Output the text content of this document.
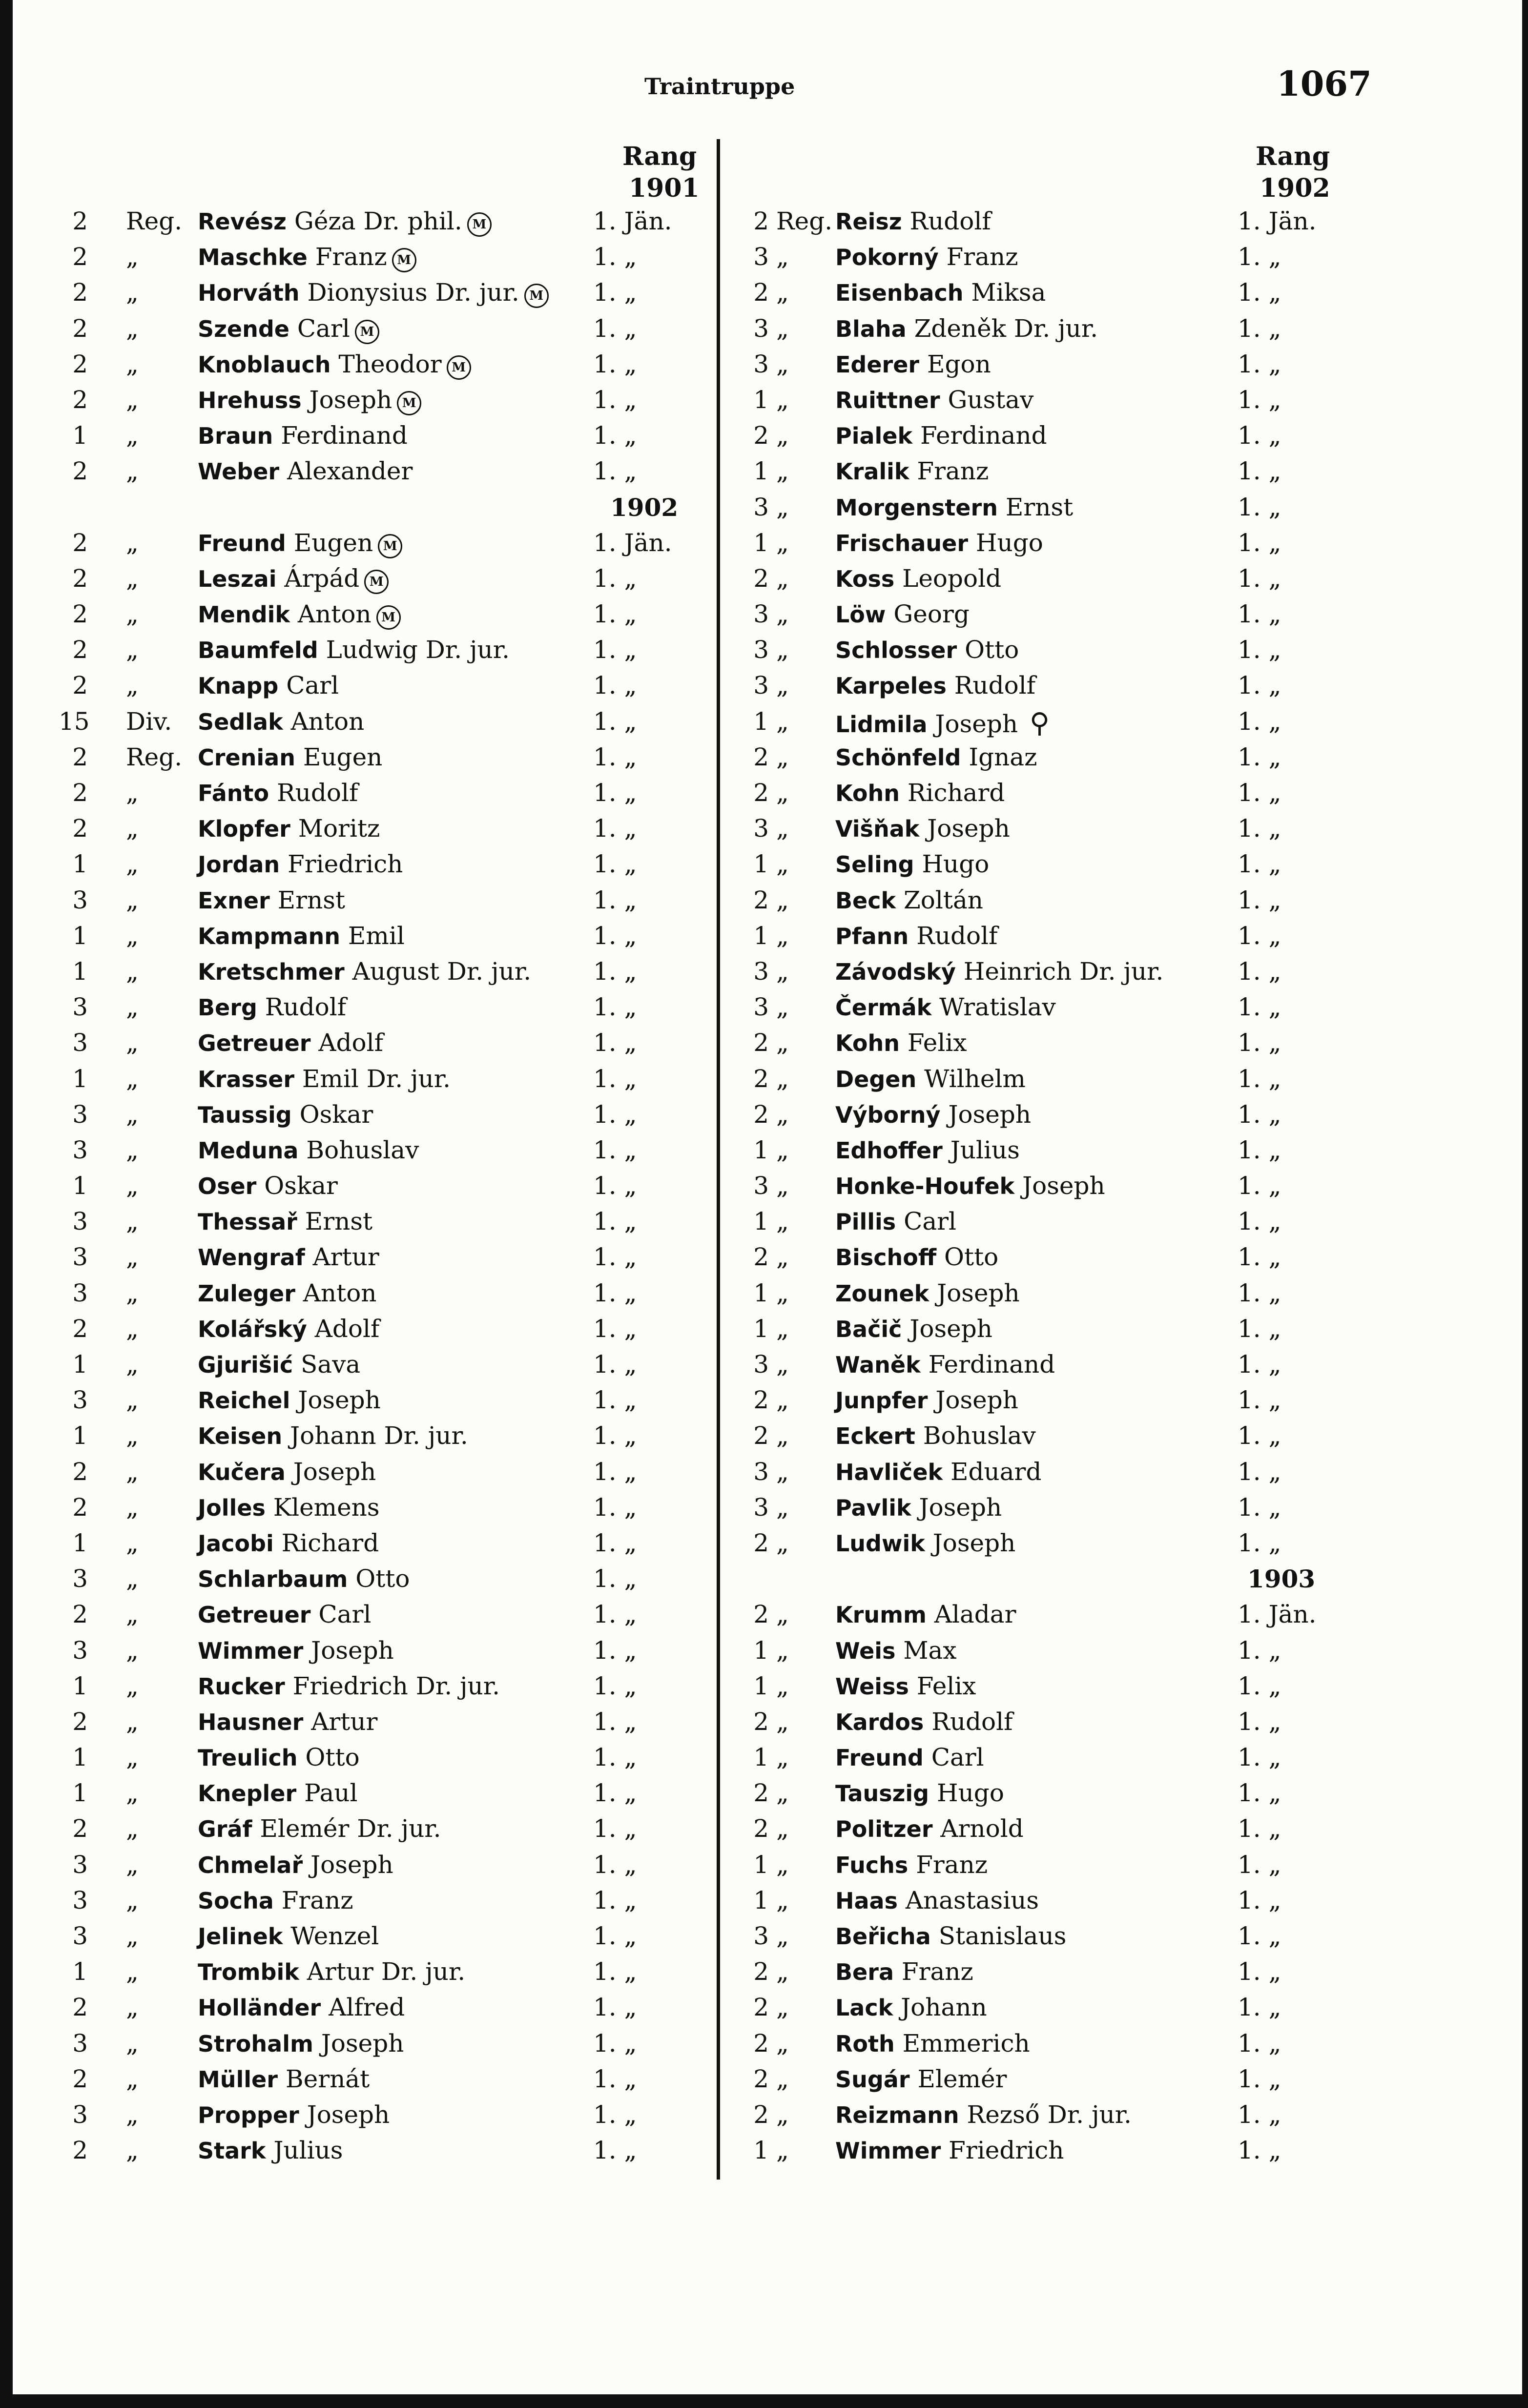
Traintruppe	1067
Rang
1901
Rang
1902
2 Reg. Revész Géza Dr. phil. M	1. Jän.
2 „	Maschke Franz M	1. „
2 „	Horváth Dionysius Dr. jur. M 1. „
2 „	Szende Carl M	1. „
2 „	Knoblauch Theodor M	1. „
2 „	Hrehuss Joseph M	1. „
1 „	Braun Ferdinand	1. „
2 „	Weber Alexander	1. „
1902
2 „	Freund Eugen M	1. Jän.
2 „	Leszai Árpád M	1. „
2 „	Mendik Anton M	1. „
2 „	Baumfeld Ludwig Dr. jur.	1. „
2 „	Knapp Carl	1. „
15 Div. Sedlak Anton	1. „
2 Reg. Crenian Eugen	1. „
2 „	Fánto Rudolf	1. „
2 „	Klopfer Moritz	1. „
1 „	Jordan Friedrich	1. „
3 „	Exner Ernst	1. „
1 „	Kampmann Emil	1. „
1 „	Kretschmer August Dr. jur.	1. „
3 „	Berg Rudolf	1. „
3 „	Getreuer Adolf	1. „
1 „	Krasser Emil Dr. jur.	1. „
3 „	Taussig Oskar	1. „
3 „	Meduna Bohuslav	1. „
1 „	Oser Oskar	1. „
3 „	Thessař Ernst	1. „
3 „	Wengraf Artur	1. „
3 „	Zuleger Anton	1. „
2 „	Kolářský Adolf	1. „
1 „	Gjurišić Sava	1. „
3 „	Reichel Joseph	1. „
1 „	Keisen Johann Dr. jur.	1. „
2 „	Kučera Joseph	1. „
2 „	Jolles Klemens	1. „
1 „	Jacobi Richard	1. „
3 „	Schlarbaum Otto	1. „
2 „	Getreuer Carl	1. „
3 „	Wimmer Joseph	1. „
1 „	Rucker Friedrich Dr. jur.	1. „
2 „	Hausner Artur	1. „
1 „	Treulich Otto	1. „
1 „	Knepler Paul	1. „
2 „	Gráf Elemér Dr. jur.	1. „
3 „	Chmelař Joseph	1. „
3 „	Socha Franz	1. „
3 „	Jelinek Wenzel	1. „
1 „	Trombik Artur Dr. jur.	1. „
2 „	Holländer Alfred	1. „
3 „	Strohalm Joseph	1. „
2 „	Müller Bernát	1. „
3 „	Propper Joseph	1. „
2 „	Stark Julius	1. „
2 Reg. Reisz Rudolf	1. Jän.
3 „ Pokorný Franz	1. „
2 „ Eisenbach Miksa	1. „
3 „ Blaha Zdeněk Dr. jur.	1. „
3 „ Ederer Egon	1. „
1 „ Ruittner Gustav	1. „
2 „ Pialek Ferdinand	1. „
1 „ Kralik Franz	1. „
3 „ Morgenstern Ernst	1. „
1 „ Frischauer Hugo	1. „
2 „ Koss Leopold	1. „
3 „ Löw Georg	1. „
3 „ Schlosser Otto	1. „
3 „ Karpeles Rudolf	1. „
1 „ Lidmila Joseph ⚲	1. „
2 „ Schönfeld Ignaz	1. „
2 „ Kohn Richard	1. „
3 „ Višňak Joseph	1. „
1 „ Seling Hugo	1. „
2 „ Beck Zoltán	1. „
1 „ Pfann Rudolf	1. „
3 „ Závodský Heinrich Dr. jur.	1. „
3 „ Čermák Wratislav	1. „
2 „ Kohn Felix	1. „
2 „ Degen Wilhelm	1. „
2 „ Výborný Joseph	1. „
1 „ Edhoffer Julius	1. „
3 „ Honke-Houfek Joseph	1. „
1 „ Pillis Carl	1. „
2 „ Bischoff Otto	1. „
1 „ Zounek Joseph	1. „
1 „ Bačič Joseph	1. „
3 „ Waněk Ferdinand	1. „
2 „ Junpfer Joseph	1. „
2 „ Eckert Bohuslav	1. „
3 „ Havliček Eduard	1. „
3 „ Pavlik Joseph	1. „
2 „ Ludwik Joseph	1. „
1903
2 „ Krumm Aladar	1. Jän.
1 „ Weis Max	1. „
1 „ Weiss Felix	1. „
2 „ Kardos Rudolf	1. „
1 „ Freund Carl	1. „
2 „ Tauszig Hugo	1. „
2 „ Politzer Arnold	1. „
1 „ Fuchs Franz	1. „
1 „ Haas Anastasius	1. „
3 „ Beřicha Stanislaus	1. „
2 „ Bera Franz	1. „
2 „ Lack Johann	1. „
2 „ Roth Emmerich	1. „
2 „ Sugár Elemér	1. „
2 „ Reizmann Rezső Dr. jur.	1. „
1 „ Wimmer Friedrich	1. „
